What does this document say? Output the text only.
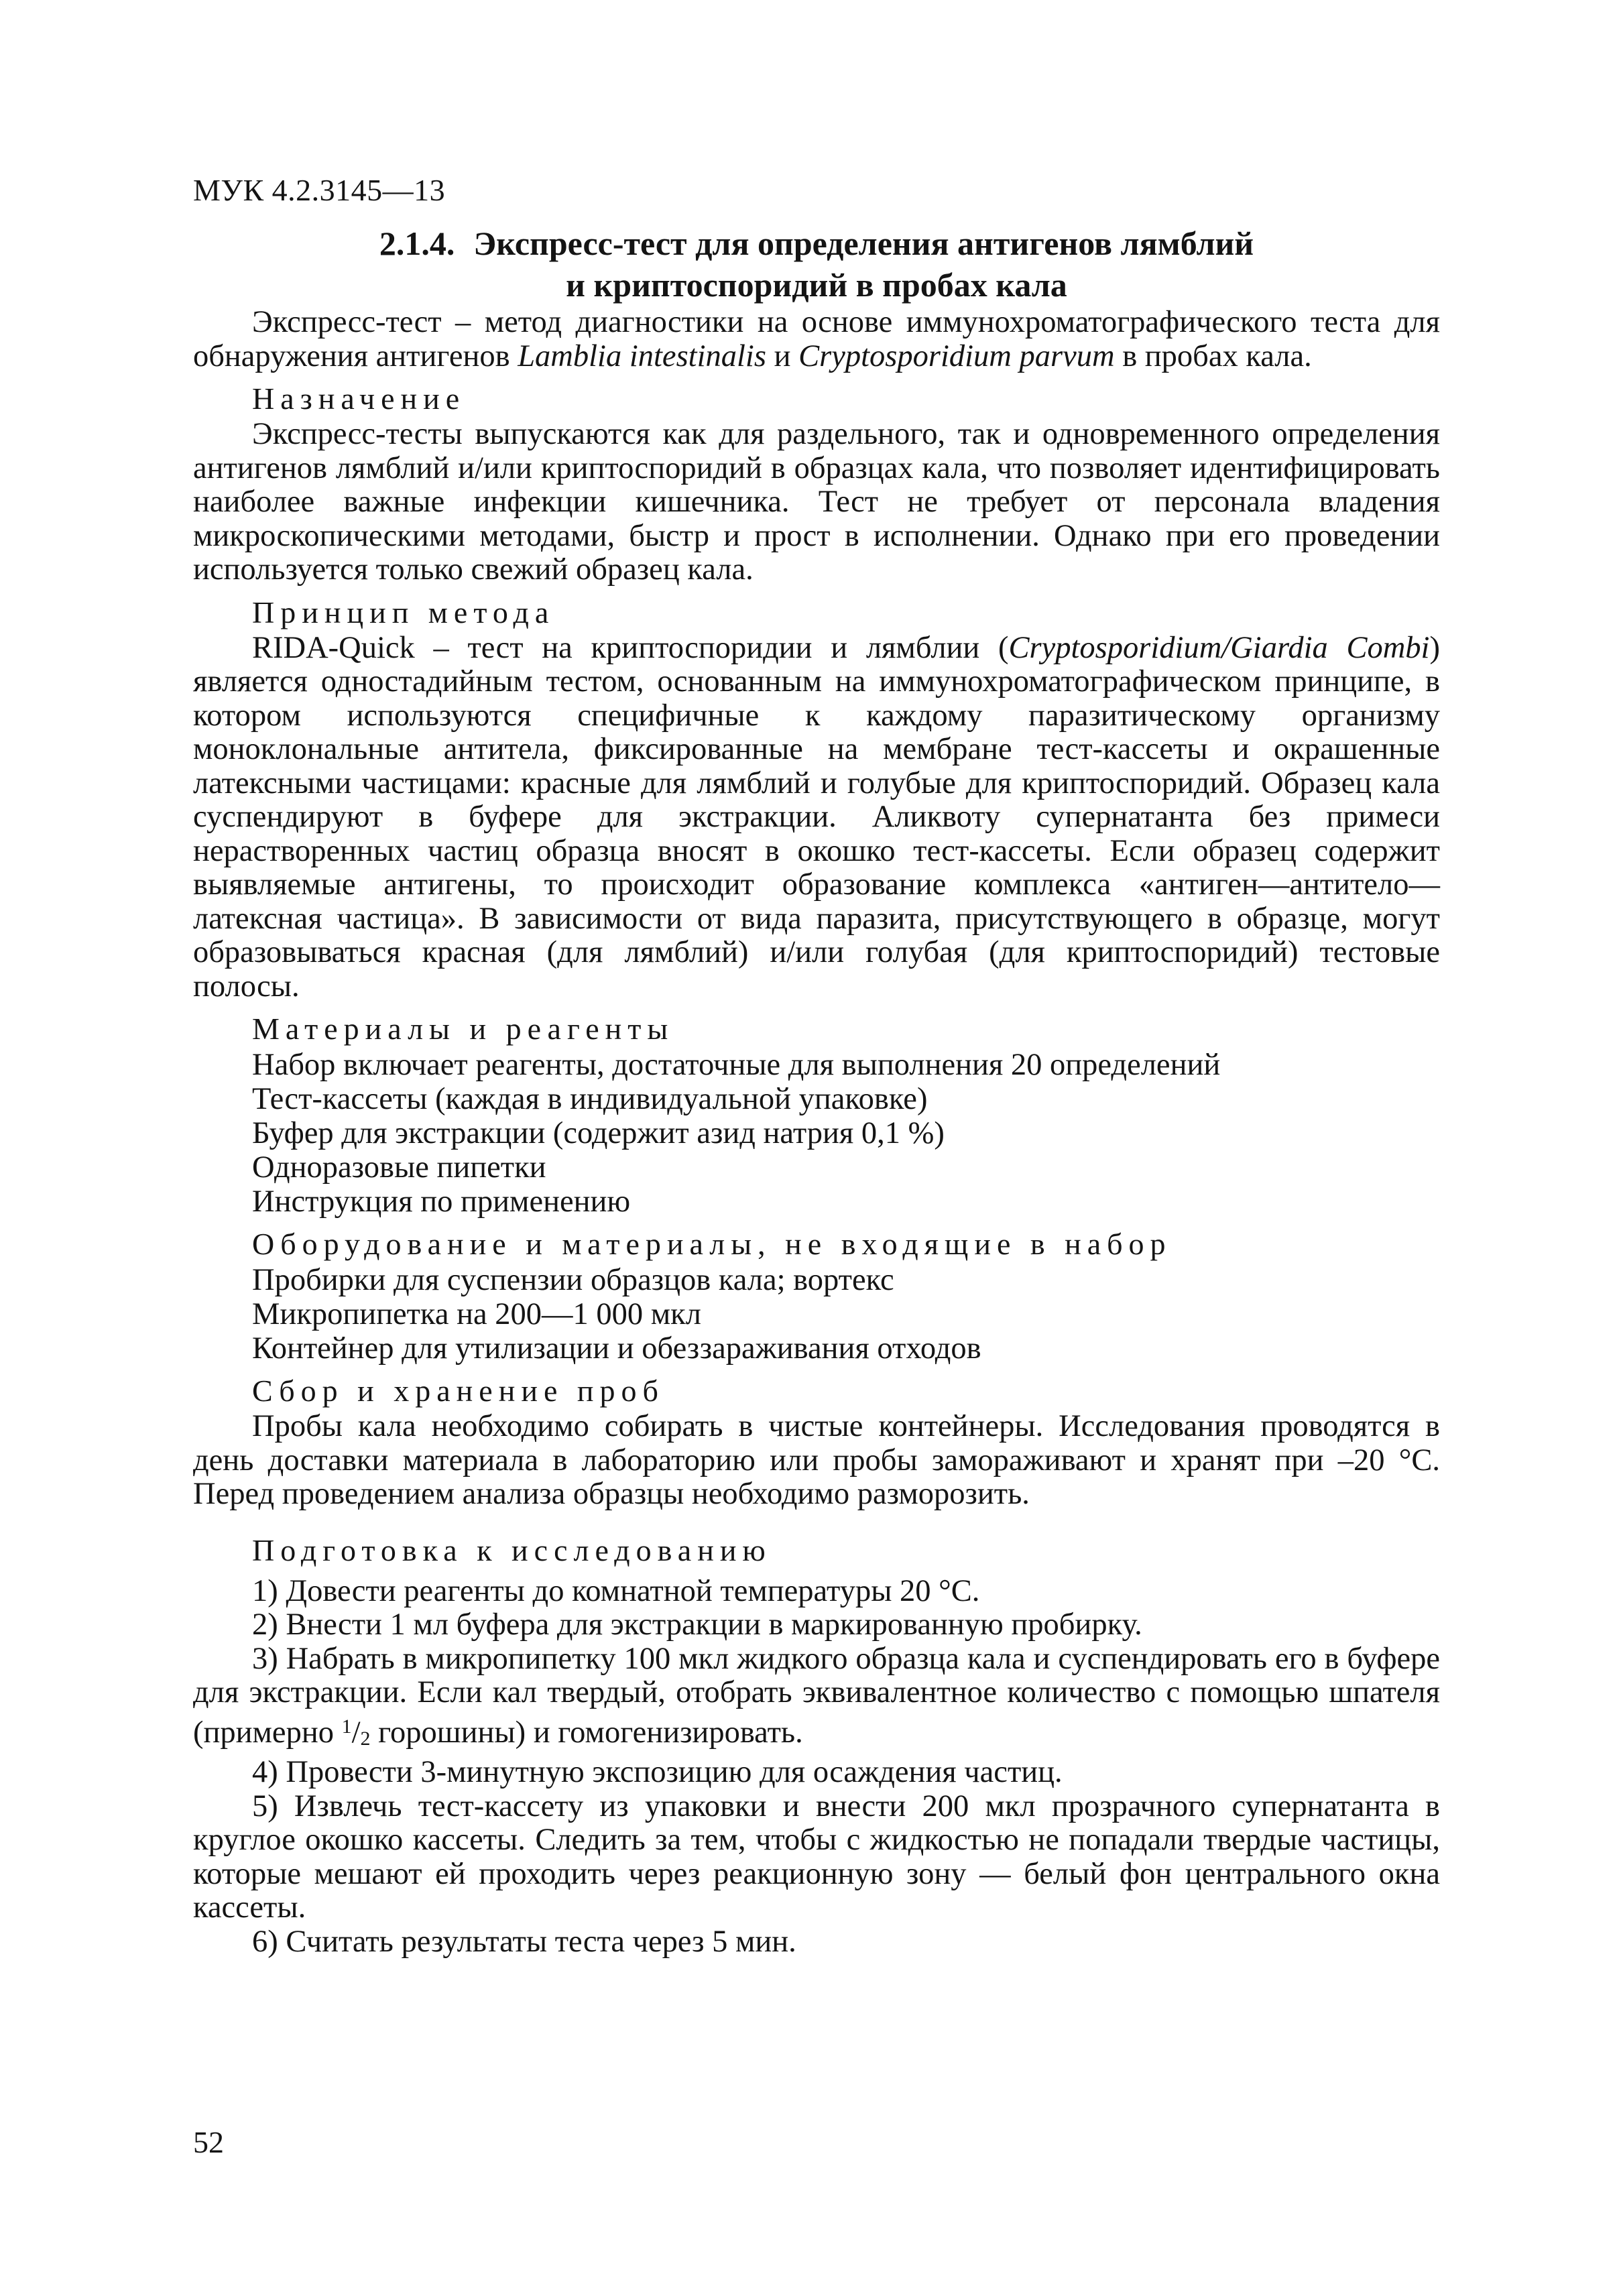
МУК 4.2.3145—13
2.1.4. Экспресс-тест для определения антигенов лямблий
и криптоспоридий в пробах кала

Экспресс-тест – метод диагностики на основе иммунохроматографического теста для обнаружения антигенов Lamblia intestinalis и Cryptosporidium parvum в пробах кала.

Назначение

Экспресс-тесты выпускаются как для раздельного, так и одновременного определения антигенов лямблий и/или криптоспоридий в образцах кала, что позволяет идентифицировать наиболее важные инфекции кишечника. Тест не требует от персонала владения микроскопическими методами, быстр и прост в исполнении. Однако при его проведении используется только свежий образец кала.

Принцип метода

RIDA-Quick – тест на криптоспоридии и лямблии (Cryptosporidium/Giardia Combi) является одностадийным тестом, основанным на иммунохроматографическом принципе, в котором используются специфичные к каждому паразитическому организму моноклональные антитела, фиксированные на мембране тест-кассеты и окрашенные латексными частицами: красные для лямблий и голубые для криптоспоридий. Образец кала суспендируют в буфере для экстракции. Аликвоту супернатанта без примеси нерастворенных частиц образца вносят в окошко тест-кассеты. Если образец содержит выявляемые антигены, то происходит образование комплекса «антиген—антитело—латексная частица». В зависимости от вида паразита, присутствующего в образце, могут образовываться красная (для лямблий) и/или голубая (для криптоспоридий) тестовые полосы.

Материалы и реагенты
Набор включает реагенты, достаточные для выполнения 20 определений
Тест-кассеты (каждая в индивидуальной упаковке)
Буфер для экстракции (содержит азид натрия 0,1 %)
Одноразовые пипетки
Инструкция по применению
Оборудование и материалы, не входящие в набор
Пробирки для суспензии образцов кала; вортекс
Микропипетка на 200—1 000 мкл
Контейнер для утилизации и обеззараживания отходов
Сбор и хранение проб

Пробы кала необходимо собирать в чистые контейнеры. Исследования проводятся в день доставки материала в лабораторию или пробы замораживают и хранят при –20 °С. Перед проведением анализа образцы необходимо разморозить.

Подготовка к исследованию

1) Довести реагенты до комнатной температуры 20 °С.

2) Внести 1 мл буфера для экстракции в маркированную пробирку.

3) Набрать в микропипетку 100 мкл жидкого образца кала и суспендировать его в буфере для экстракции. Если кал твердый, отобрать эквивалентное количество с помощью шпателя (примерно $^1$/2 горошины) и гомогенизировать.

4) Провести 3-минутную экспозицию для осаждения частиц.

5) Извлечь тест-кассету из упаковки и внести 200 мкл прозрачного супернатанта в круглое окошко кассеты. Следить за тем, чтобы с жидкостью не попадали твердые частицы, которые мешают ей проходить через реакционную зону — белый фон центрального окна кассеты.

6) Считать результаты теста через 5 мин.

52
